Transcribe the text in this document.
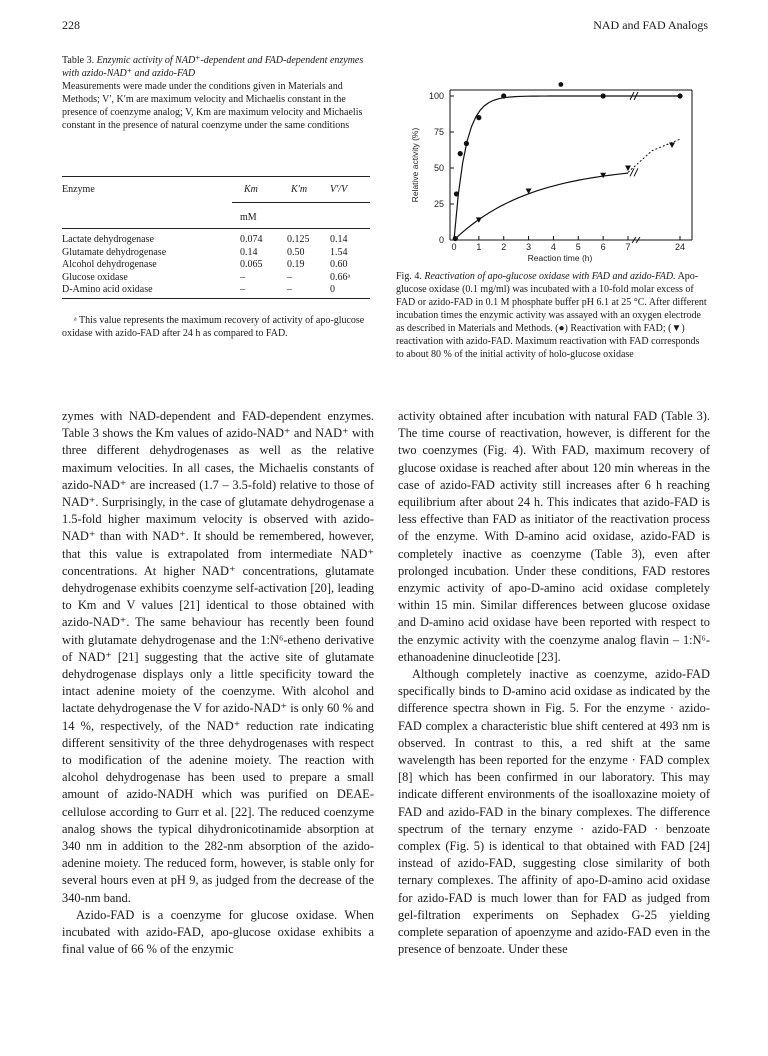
228	NAD and FAD Analogs
Table 3. Enzymic activity of NAD⁺-dependent and FAD-dependent enzymes with azido-NAD⁺ and azido-FAD
Measurements were made under the conditions given in Materials and Methods; V′, K′m are maximum velocity and Michaelis constant in the presence of coenzyme analog; V, Km are maximum velocity and Michaelis constant in the presence of natural coenzyme under the same conditions
Enzyme	Km	K′m V′/V
mM
Lactate dehydrogenase	0.074 0.125 0.14
Glutamate dehydrogenase	0.14	0.50	1.54
Alcohol dehydrogenase	0.065 0.19	0.60
Glucose oxidase	–	–	0.66ᵃ
D-Amino acid oxidase	–	–	0
ᵃ This value represents the maximum recovery of activity of apo-glucose oxidase with azido-FAD after 24 h as compared to FAD.
0
25
50
75
100
0 1 2 3 4 5 6 7	24
Reaction time (h)
Relative activity (%)
Fig. 4. Reactivation of apo-glucose oxidase with FAD and azido-FAD. Apo-glucose oxidase (0.1 mg/ml) was incubated with a 10-fold molar excess of FAD or azido-FAD in 0.1 M phosphate buffer pH 6.1 at 25 °C. After different incubation times the enzymic activity was assayed with an oxygen electrode as described in Materials and Methods. (●) Reactivation with FAD; (▼) reactivation with azido-FAD. Maximum reactivation with FAD corresponds to about 80 % of the initial activity of holo-glucose oxidase

zymes with NAD-dependent and FAD-dependent enzymes. Table 3 shows the Km values of azido-NAD⁺ and NAD⁺ with three different dehydrogenases as well as the relative maximum velocities. In all cases, the Michaelis constants of azido-NAD⁺ are increased (1.7 – 3.5-fold) relative to those of NAD⁺. Surprisingly, in the case of glutamate dehydrogenase a 1.5-fold higher maximum velocity is observed with azido-NAD⁺ than with NAD⁺. It should be remembered, however, that this value is extrapolated from intermediate NAD⁺ concentrations. At higher NAD⁺ concentrations, glutamate dehydrogenase exhibits coenzyme self-activation [20], leading to Km and V values [21] identical to those obtained with azido-NAD⁺. The same behaviour has recently been found with glutamate dehydrogenase and the 1:N⁶-etheno derivative of NAD⁺ [21] suggesting that the active site of glutamate dehydrogenase displays only a little specificity toward the intact adenine moiety of the coenzyme. With alcohol and lactate dehydrogenase the V for azido-NAD⁺ is only 60 % and 14 %, respectively, of the NAD⁺ reduction rate indicating different sensitivity of the three dehydrogenases with respect to modification of the adenine moiety. The reaction with alcohol dehydrogenase has been used to prepare a small amount of azido-NADH which was purified on DEAE-cellulose according to Gurr et al. [22]. The reduced coenzyme analog shows the typical dihydronicotinamide absorption at 340 nm in addition to the 282-nm absorption of the azido-adenine moiety. The reduced form, however, is stable only for several hours even at pH 9, as judged from the decrease of the 340-nm band.

Azido-FAD is a coenzyme for glucose oxidase. When incubated with azido-FAD, apo-glucose oxidase exhibits a final value of 66 % of the enzymic

activity obtained after incubation with natural FAD (Table 3). The time course of reactivation, however, is different for the two coenzymes (Fig. 4). With FAD, maximum recovery of glucose oxidase is reached after about 120 min whereas in the case of azido-FAD activity still increases after 6 h reaching equilibrium after about 24 h. This indicates that azido-FAD is less effective than FAD as initiator of the reactivation process of the enzyme. With D-amino acid oxidase, azido-FAD is completely inactive as coenzyme (Table 3), even after prolonged incubation. Under these conditions, FAD restores enzymic activity of apo-D-amino acid oxidase completely within 15 min. Similar differences between glucose oxidase and D-amino acid oxidase have been reported with respect to the enzymic activity with the coenzyme analog flavin – 1:N⁶-ethanoadenine dinucleotide [23].

Although completely inactive as coenzyme, azido-FAD specifically binds to D-amino acid oxidase as indicated by the difference spectra shown in Fig. 5. For the enzyme · azido-FAD complex a characteristic blue shift centered at 493 nm is observed. In contrast to this, a red shift at the same wavelength has been reported for the enzyme · FAD complex [8] which has been confirmed in our laboratory. This may indicate different environments of the isoalloxazine moiety of FAD and azido-FAD in the binary complexes. The difference spectrum of the ternary enzyme · azido-FAD · benzoate complex (Fig. 5) is identical to that obtained with FAD [24] instead of azido-FAD, suggesting close similarity of both ternary complexes. The affinity of apo-D-amino acid oxidase for azido-FAD is much lower than for FAD as judged from gel-filtration experiments on Sephadex G-25 yielding complete separation of apoenzyme and azido-FAD even in the presence of benzoate. Under these
